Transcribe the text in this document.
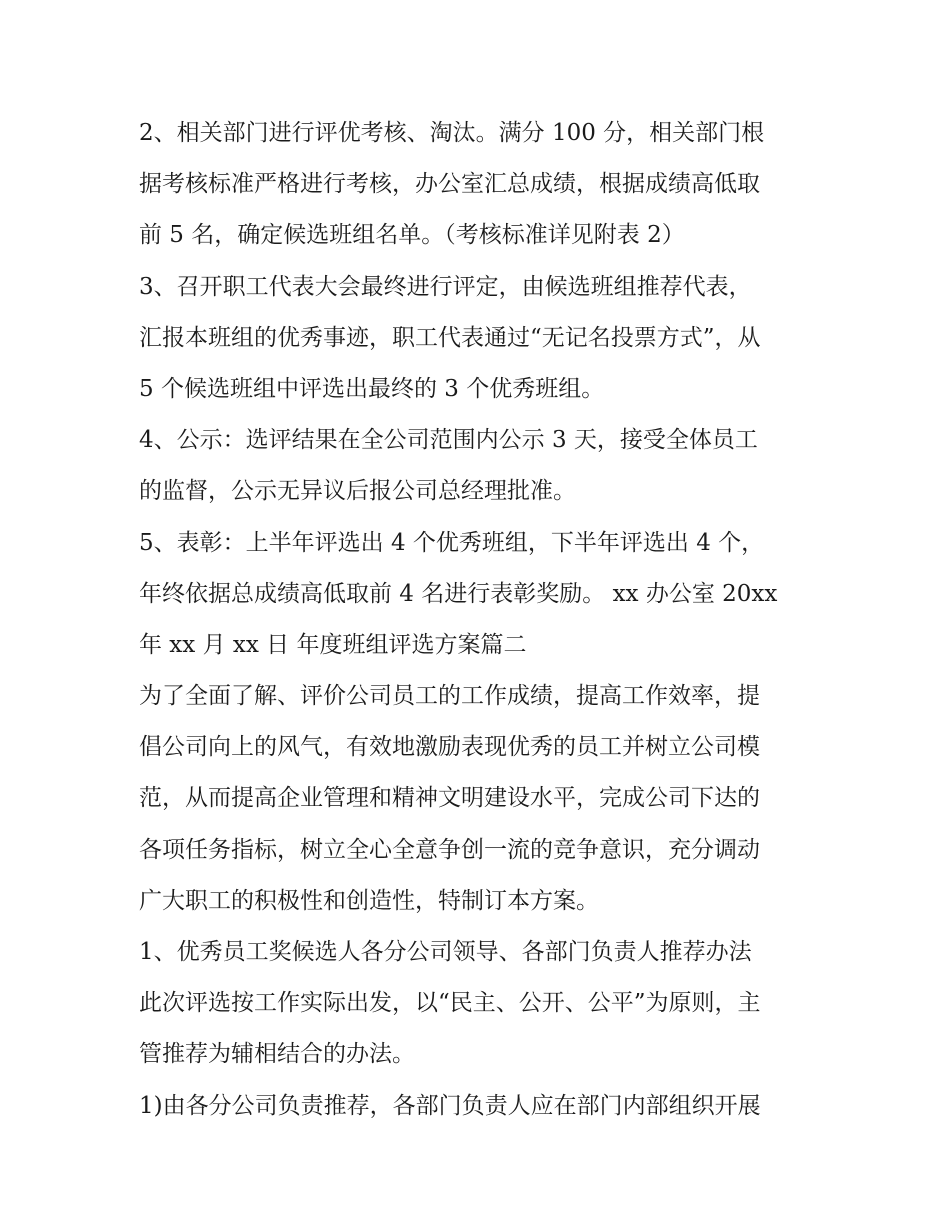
2、相关部门进行评优考核、淘汰。满分 100 分，相关部门根
据考核标准严格进行考核，办公室汇总成绩，根据成绩高低取
前 5 名，确定候选班组名单。（考核标准详见附表 2）
3、召开职工代表大会最终进行评定，由候选班组推荐代表，
汇报本班组的优秀事迹，职工代表通过“无记名投票方式”，从
5 个候选班组中评选出最终的 3 个优秀班组。
4、公示：选评结果在全公司范围内公示 3 天，接受全体员工
的监督，公示无异议后报公司总经理批准。
5、表彰：上半年评选出 4 个优秀班组，下半年评选出 4 个，
年终依据总成绩高低取前 4 名进行表彰奖励。 xx 办公室 20xx
年 xx 月 xx 日 年度班组评选方案篇二
为了全面了解、评价公司员工的工作成绩，提高工作效率，提
倡公司向上的风气，有效地激励表现优秀的员工并树立公司模
范，从而提高企业管理和精神文明建设水平，完成公司下达的
各项任务指标，树立全心全意争创一流的竞争意识，充分调动
广大职工的积极性和创造性，特制订本方案。
1、优秀员工奖候选人各分公司领导、各部门负责人推荐办法
此次评选按工作实际出发，以“民主、公开、公平”为原则，主
管推荐为辅相结合的办法。
1)由各分公司负责推荐，各部门负责人应在部门内部组织开展
